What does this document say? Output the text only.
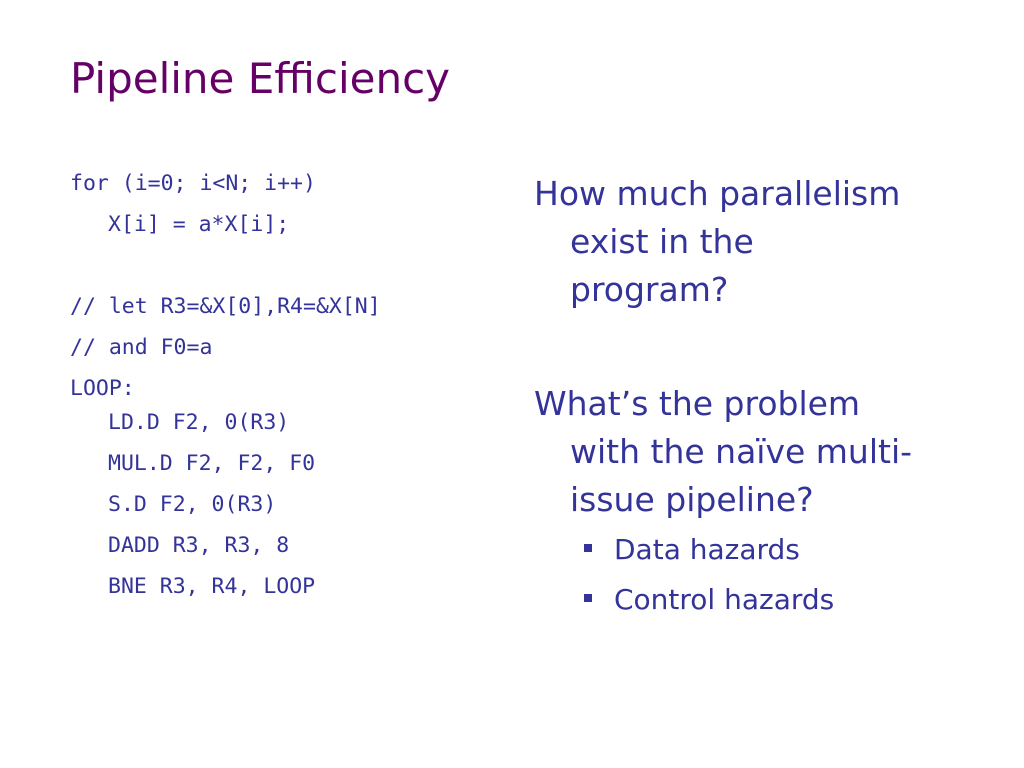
Pipeline Efficiency
for (i=0; i<N; i++)
X[i] = a*X[i];
// let R3=&X[0],R4=&X[N]
// and F0=a
LOOP:
LD.D F2, 0(R3)
MUL.D F2, F2, F0
S.D F2, 0(R3)
DADD R3, R3, 8
BNE R3, R4, LOOP
How much parallelism
exist in the
program?
What’s the problem
with the naïve multi-
issue pipeline?
Data hazards
Control hazards
